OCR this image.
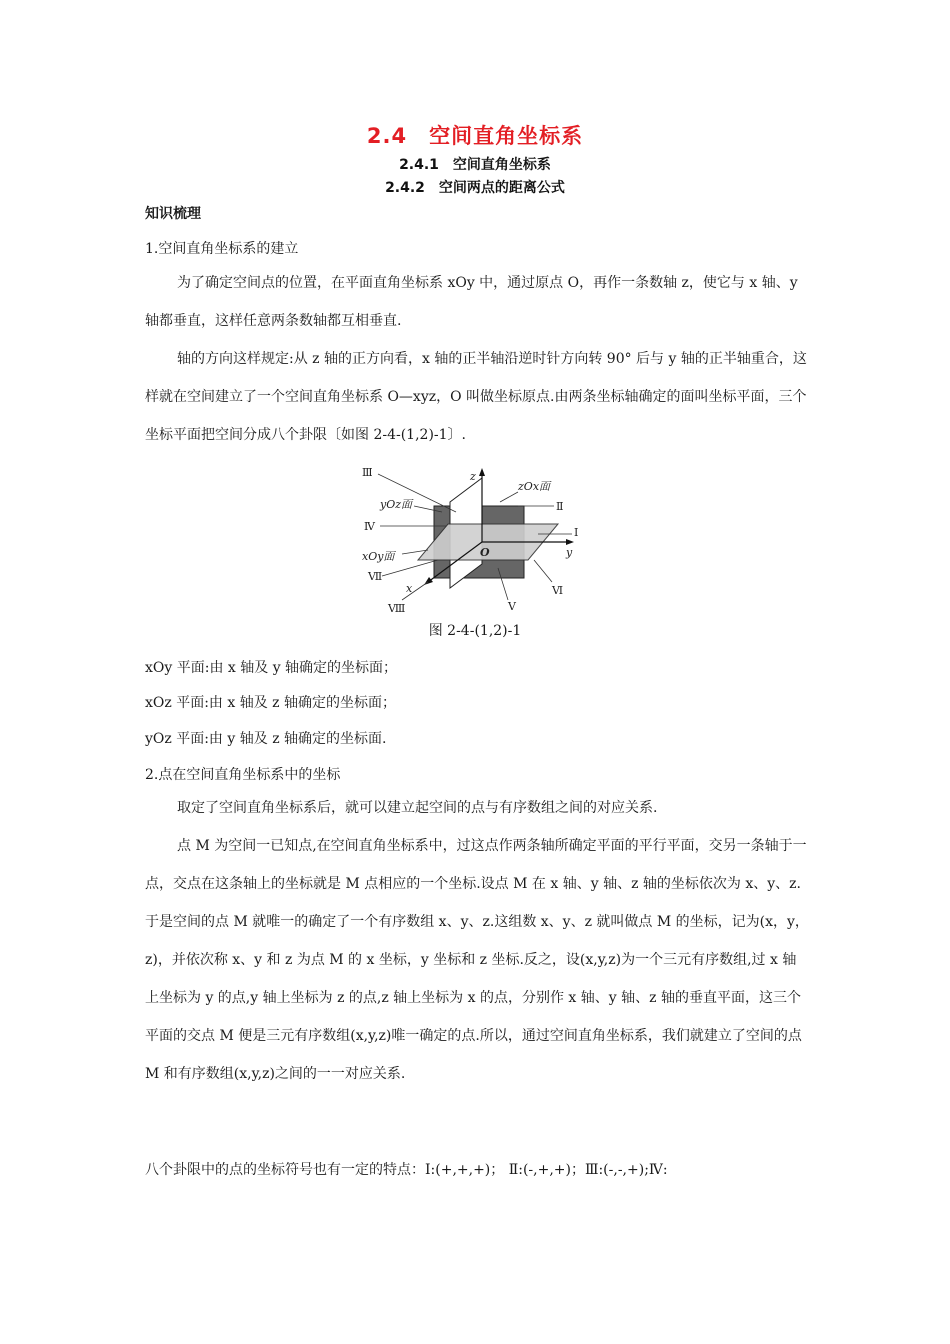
2.4　空间直角坐标系
2.4.1　空间直角坐标系
2.4.2　空间两点的距离公式
知识梳理
1.空间直角坐标系的建立

为了确定空间点的位置，在平面直角坐标系 xOy 中，通过原点 O，再作一条数轴 z，使它与 x 轴、y 轴都垂直，这样任意两条数轴都互相垂直.

轴的方向这样规定:从 z 轴的正方向看，x 轴的正半轴沿逆时针方向转 90° 后与 y 轴的正半轴重合，这样就在空间建立了一个空间直角坐标系 O—xyz，O 叫做坐标原点.由两条坐标轴确定的面叫坐标平面，三个坐标平面把空间分成八个卦限〔如图 2-4-(1,2)-1〕.

Ⅲ	z
zOx面
Ⅱ
yOz面
Ⅳ	Ⅰ
y
xOy面	O
Ⅶ
x	Ⅵ
Ⅷ	Ⅴ
图 2-4-(1,2)-1
xOy 平面:由 x 轴及 y 轴确定的坐标面；
xOz 平面:由 x 轴及 z 轴确定的坐标面；
yOz 平面:由 y 轴及 z 轴确定的坐标面.
2.点在空间直角坐标系中的坐标

取定了空间直角坐标系后，就可以建立起空间的点与有序数组之间的对应关系.

点 M 为空间一已知点,在空间直角坐标系中，过这点作两条轴所确定平面的平行平面，交另一条轴于一点，交点在这条轴上的坐标就是 M 点相应的一个坐标.设点 M 在 x 轴、y 轴、z 轴的坐标依次为 x、y、z.于是空间的点 M 就唯一的确定了一个有序数组 x、y、z.这组数 x、y、z 就叫做点 M 的坐标，记为(x，y，z)，并依次称 x、y 和 z 为点 M 的 x 坐标，y 坐标和 z 坐标.反之，设(x,y,z)为一个三元有序数组,过 x 轴上坐标为 y 的点,y 轴上坐标为 z 的点,z 轴上坐标为 x 的点，分别作 x 轴、y 轴、z 轴的垂直平面，这三个平面的交点 M 便是三元有序数组(x,y,z)唯一确定的点.所以，通过空间直角坐标系，我们就建立了空间的点 M 和有序数组(x,y,z)之间的一一对应关系.

八个卦限中的点的坐标符号也有一定的特点：Ⅰ:(+,+,+)； Ⅱ:(-,+,+)；Ⅲ:(-,-,+);Ⅳ:
